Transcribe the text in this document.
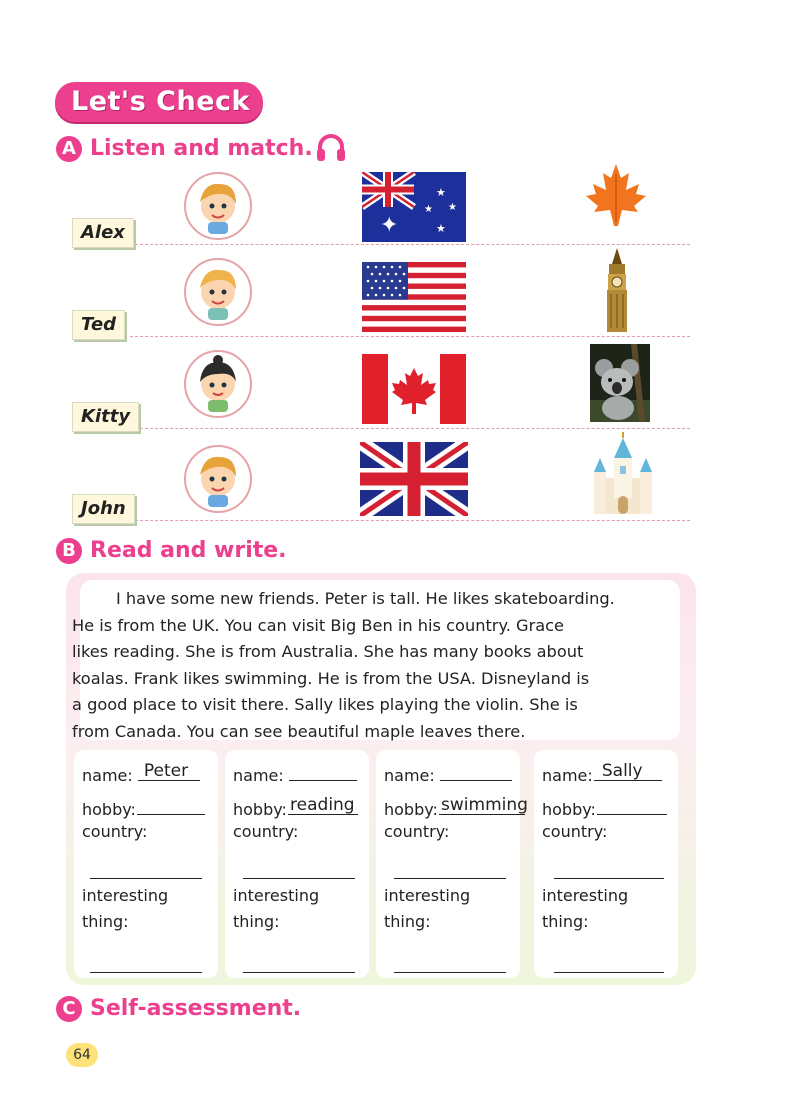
Let's Check
A Listen and match.
Alex
Ted
Kitty
John
✦
★
★ ★
★
B Read and write.

I have some new friends. Peter is tall. He likes skateboarding.
He is from the UK. You can visit Big Ben in his country. Grace
likes reading. She is from Australia. She has many books about
koalas. Frank likes swimming. He is from the USA. Disneyland is
a good place to visit there. Sally likes playing the violin. She is
from Canada. You can see beautiful maple leaves there.

name: Peter
hobby:
country:
interesting
thing:
name:
hobby: reading
country:
interesting
thing:
name:
hobby: swimming
country:
interesting
thing:
name: Sally
hobby:
country:
interesting
thing:
C Self-assessment.
64
